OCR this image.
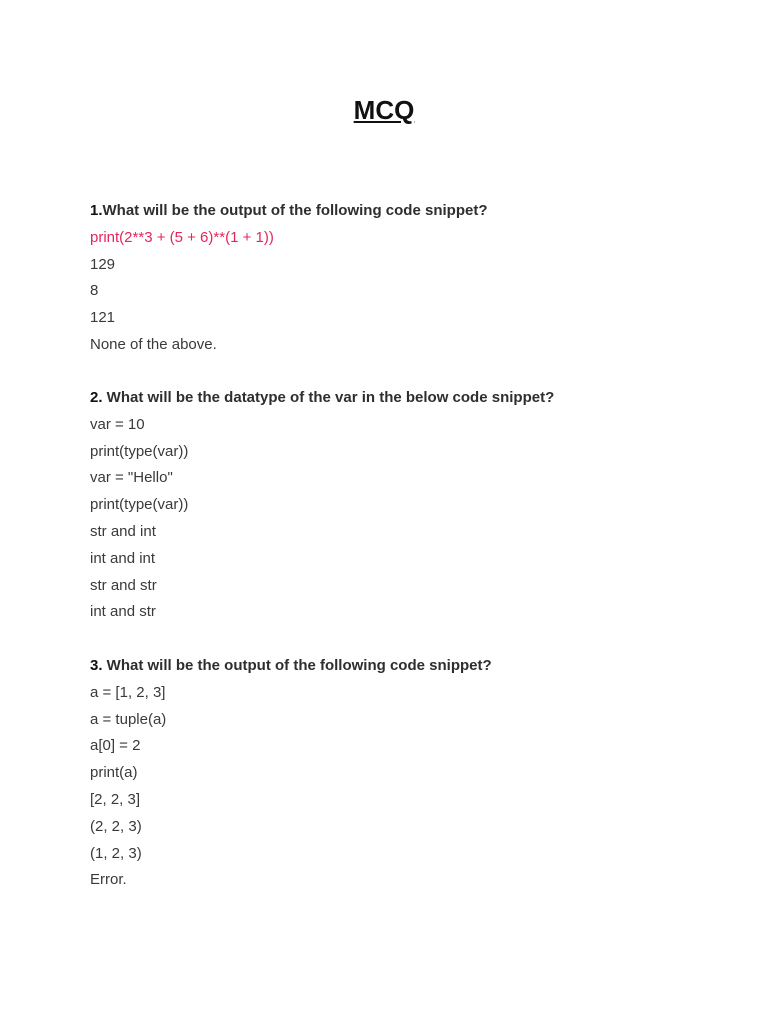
MCQ
1.What will be the output of the following code snippet?
print(2**3 + (5 + 6)**(1 + 1))
129
8
121
None of the above.
2. What will be the datatype of the var in the below code snippet?
var = 10
print(type(var))
var = "Hello"
print(type(var))
str and int
int and int
str and str
int and str
3. What will be the output of the following code snippet?
a = [1, 2, 3]
a = tuple(a)
a[0] = 2
print(a)
[2, 2, 3]
(2, 2, 3)
(1, 2, 3)
Error.
